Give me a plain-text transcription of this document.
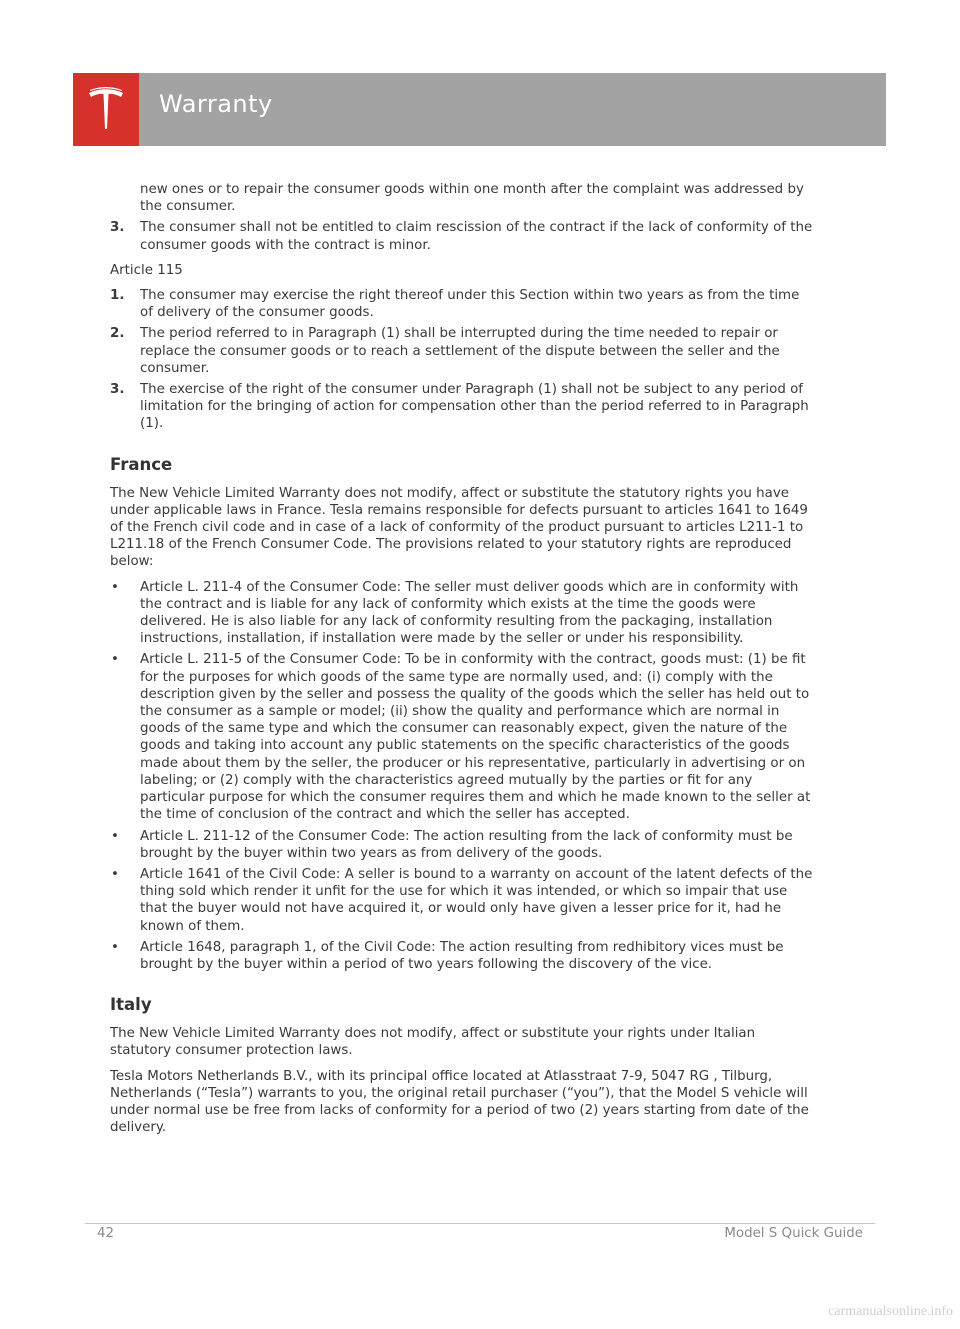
Warranty

new ones or to repair the consumer goods within one month after the complaint was addressed by the consumer.

3.	The consumer shall not be entitled to claim rescission of the contract if the lack of conformity of the consumer goods with the contract is minor.

Article 115

1.	The consumer may exercise the right thereof under this Section within two years as from the time of delivery of the consumer goods.
2.	The period referred to in Paragraph (1) shall be interrupted during the time needed to repair or replace the consumer goods or to reach a settlement of the dispute between the seller and the consumer.
3.	The exercise of the right of the consumer under Paragraph (1) shall not be subject to any period of limitation for the bringing of action for compensation other than the period referred to in Paragraph (1).
France

The New Vehicle Limited Warranty does not modify, affect or substitute the statutory rights you have under applicable laws in France. Tesla remains responsible for defects pursuant to articles 1641 to 1649 of the French civil code and in case of a lack of conformity of the product pursuant to articles L211-1 to L211.18 of the French Consumer Code. The provisions related to your statutory rights are reproduced below:

•	Article L. 211-4 of the Consumer Code: The seller must deliver goods which are in conformity with the contract and is liable for any lack of conformity which exists at the time the goods were delivered. He is also liable for any lack of conformity resulting from the packaging, installation instructions, installation, if installation were made by the seller or under his responsibility.
•	Article L. 211-5 of the Consumer Code: To be in conformity with the contract, goods must: (1) be fit for the purposes for which goods of the same type are normally used, and: (i) comply with the description given by the seller and possess the quality of the goods which the seller has held out to the consumer as a sample or model; (ii) show the quality and performance which are normal in goods of the same type and which the consumer can reasonably expect, given the nature of the goods and taking into account any public statements on the specific characteristics of the goods made about them by the seller, the producer or his representative, particularly in advertising or on labeling; or (2) comply with the characteristics agreed mutually by the parties or fit for any particular purpose for which the consumer requires them and which he made known to the seller at the time of conclusion of the contract and which the seller has accepted.
•	Article L. 211-12 of the Consumer Code: The action resulting from the lack of conformity must be brought by the buyer within two years as from delivery of the goods.
•	Article 1641 of the Civil Code: A seller is bound to a warranty on account of the latent defects of the thing sold which render it unfit for the use for which it was intended, or which so impair that use that the buyer would not have acquired it, or would only have given a lesser price for it, had he known of them.
•	Article 1648, paragraph 1, of the Civil Code: The action resulting from redhibitory vices must be brought by the buyer within a period of two years following the discovery of the vice.
Italy

The New Vehicle Limited Warranty does not modify, affect or substitute your rights under Italian statutory consumer protection laws.

Tesla Motors Netherlands B.V., with its principal office located at Atlasstraat 7-9, 5047 RG , Tilburg, Netherlands (“Tesla”) warrants to you, the original retail purchaser (“you”), that the Model S vehicle will under normal use be free from lacks of conformity for a period of two (2) years starting from date of the delivery.

42	Model S Quick Guide
carmanualsonline.info
